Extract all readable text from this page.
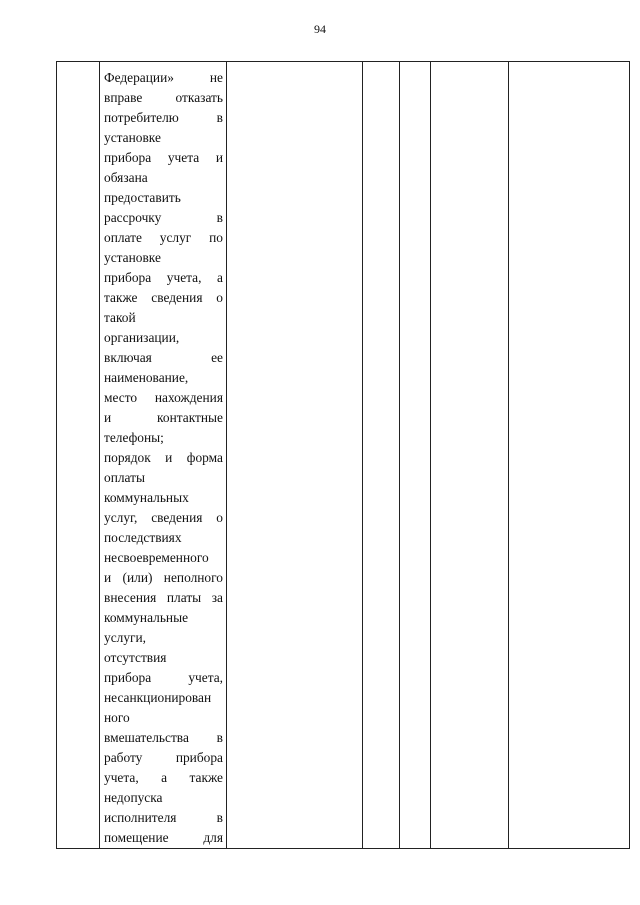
94

Федерации» не
вправе отказать
потребителю в
установке
прибора учета и
обязана
предоставить
рассрочку в
оплате услуг по
установке
прибора учета, а
также сведения о
такой
организации,
включая ее
наименование,
место нахождения
и контактные
телефоны;
порядок и форма
оплаты
коммунальных
услуг, сведения о
последствиях
несвоевременного
и (или) неполного
внесения платы за
коммунальные
услуги,
отсутствия
прибора учета,
несанкционирован
ного
вмешательства в
работу прибора
учета, а также
недопуска
исполнителя в
помещение для
